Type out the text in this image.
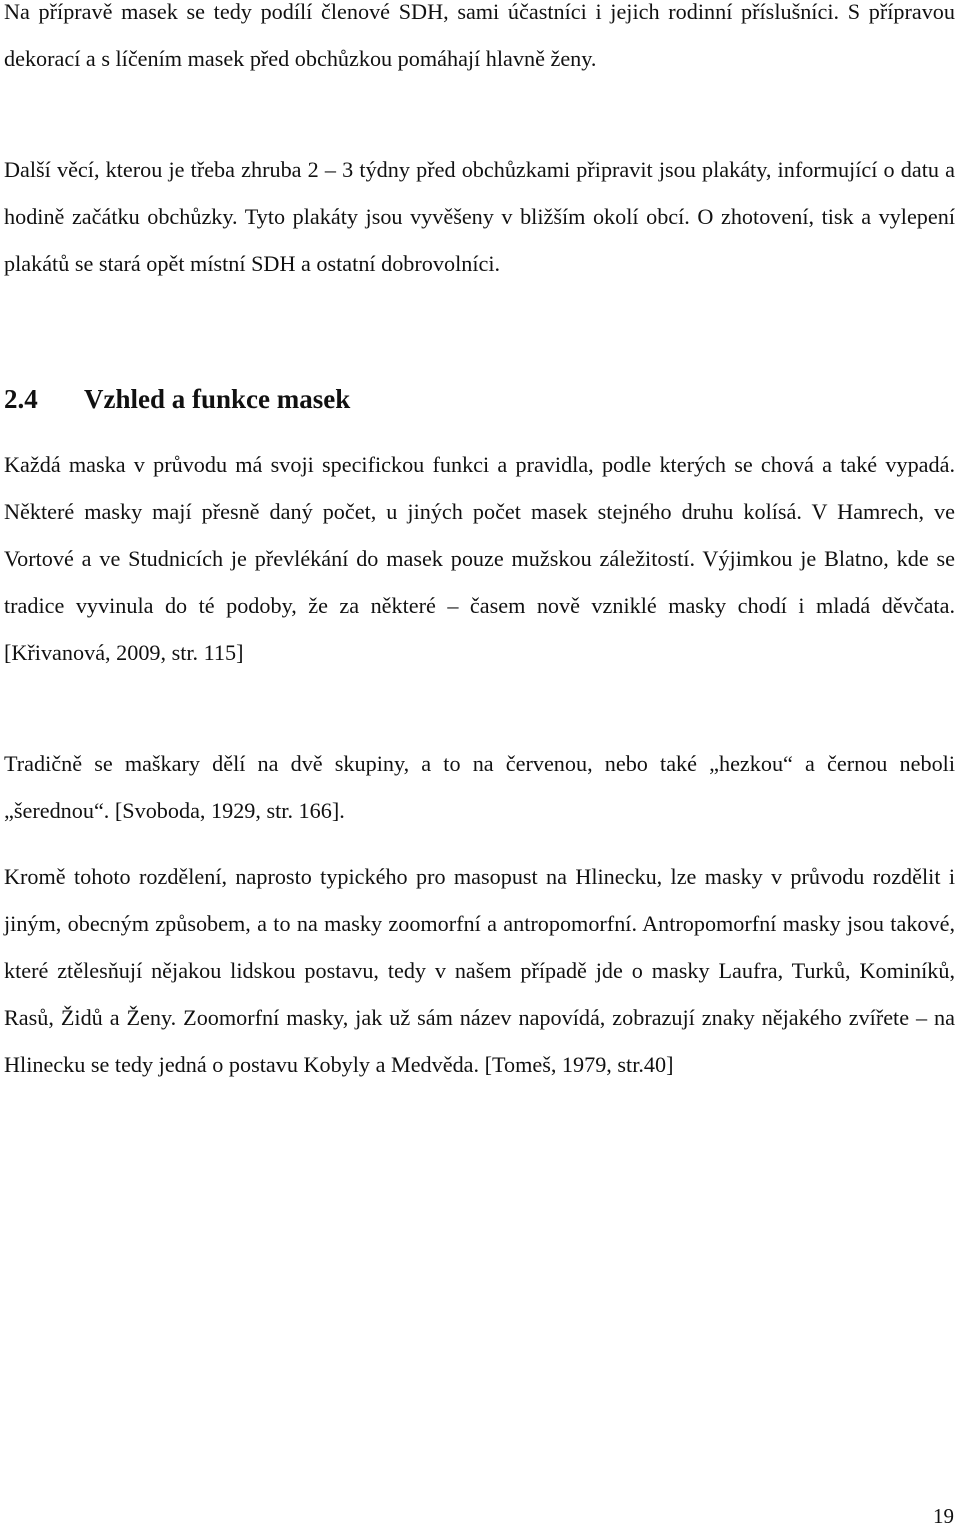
Na přípravě masek se tedy podílí členové SDH, sami účastníci i jejich rodinní příslušníci. S přípravou dekorací a s líčením masek před obchůzkou pomáhají hlavně ženy.

Další věcí, kterou je třeba zhruba 2 – 3 týdny před obchůzkami připravit jsou plakáty, informující o datu a hodině začátku obchůzky. Tyto plakáty jsou vyvěšeny v bližším okolí obcí. O zhotovení, tisk a vylepení plakátů se stará opět místní SDH a ostatní dobrovolníci.

2.4 Vzhled a funkce masek

Každá maska v průvodu má svoji specifickou funkci a pravidla, podle kterých se chová a také vypadá. Některé masky mají přesně daný počet, u jiných počet masek stejného druhu kolísá. V Hamrech, ve Vortové a ve Studnicích je převlékání do masek pouze mužskou záležitostí. Výjimkou je Blatno, kde se tradice vyvinula do té podoby, že za některé – časem nově vzniklé masky chodí i mladá děvčata. [Křivanová, 2009, str. 115]

Tradičně se maškary dělí na dvě skupiny, a to na červenou, nebo také „hezkou“ a černou neboli „šerednou“. [Svoboda, 1929, str. 166].

Kromě tohoto rozdělení, naprosto typického pro masopust na Hlinecku, lze masky v průvodu rozdělit i jiným, obecným způsobem, a to na masky zoomorfní a antropomorfní. Antropomorfní masky jsou takové, které ztělesňují nějakou lidskou postavu, tedy v našem případě jde o masky Laufra, Turků, Kominíků, Rasů, Židů a Ženy. Zoomorfní masky, jak už sám název napovídá, zobrazují znaky nějakého zvířete – na Hlinecku se tedy jedná o postavu Kobyly a Medvěda. [Tomeš, 1979, str.40]

19
